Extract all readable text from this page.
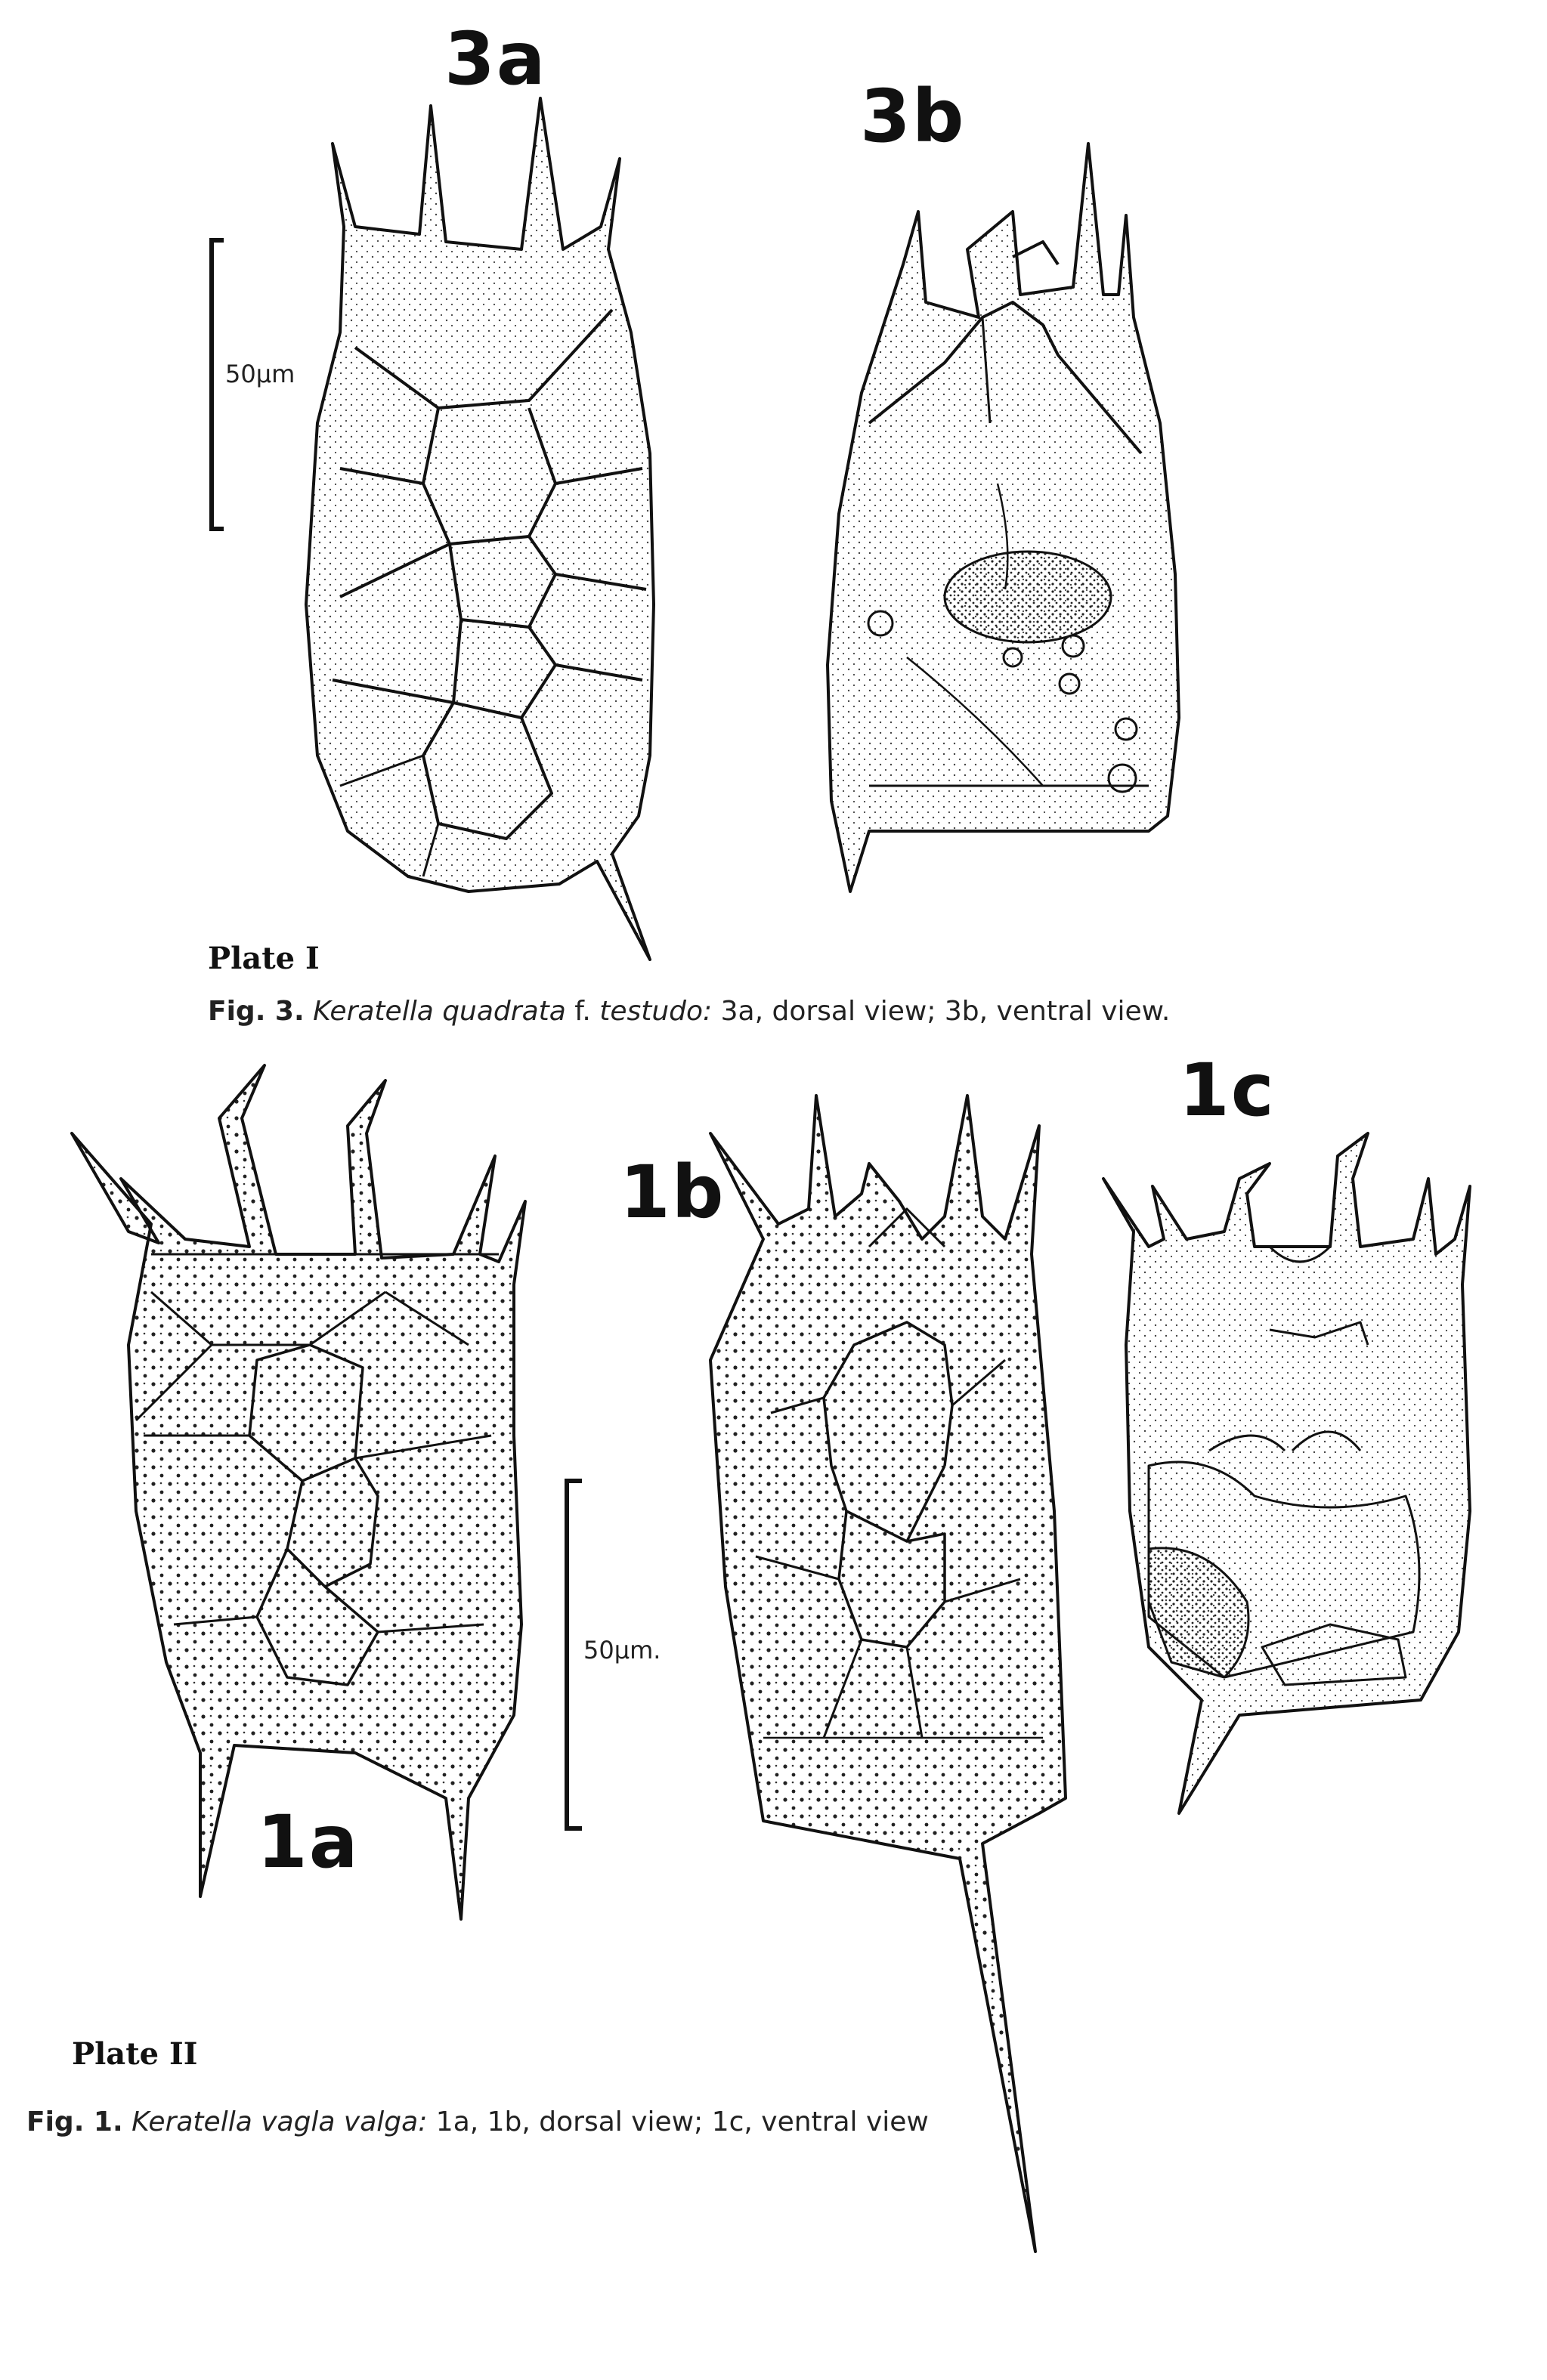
3a
3b
50μm
Plate I
Fig. 3. Keratella quadrata f. testudo: 3a, dorsal view; 3b, ventral view.
1a
1b
1c
50μm.
Plate II
Fig. 1. Keratella vagla valga: 1a, 1b, dorsal view; 1c, ventral view
